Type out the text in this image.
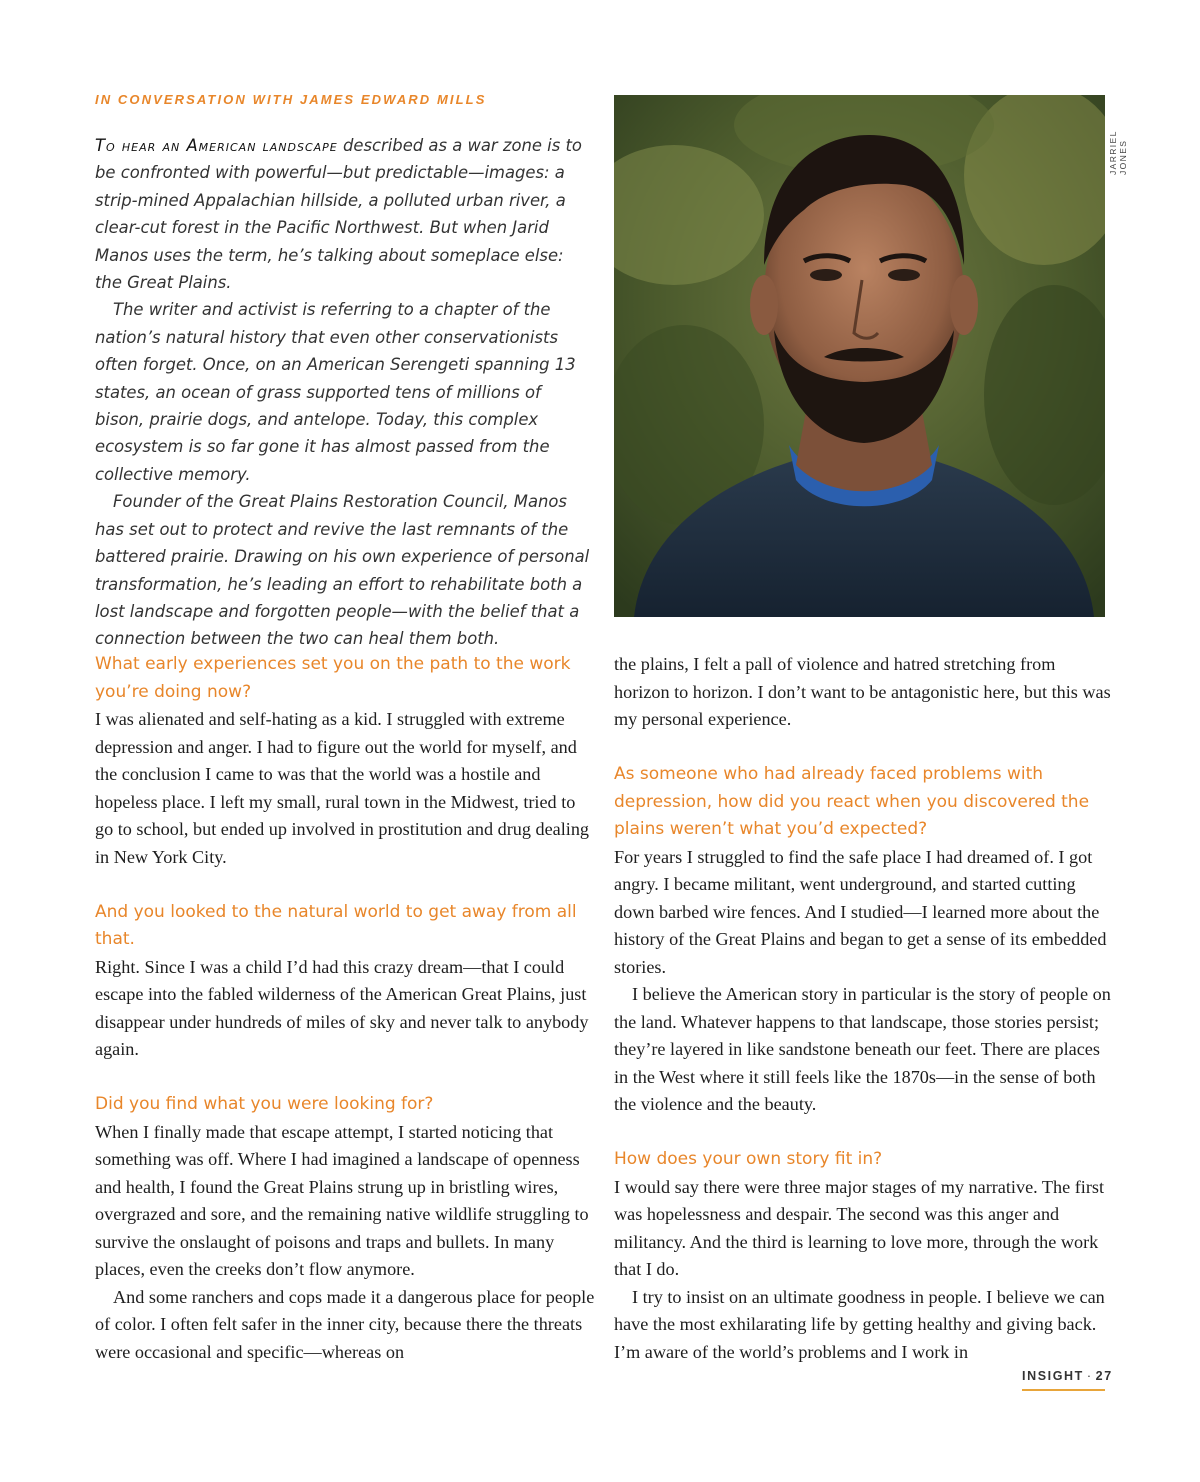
IN CONVERSATION WITH JAMES EDWARD MILLS

To hear an American landscape described as a war zone is to be confronted with powerful—but predictable—images: a strip-mined Appalachian hillside, a polluted urban river, a clear-cut forest in the Pacific Northwest. But when Jarid Manos uses the term, he’s talking about someplace else: the Great Plains.

The writer and activist is referring to a chapter of the nation’s natural history that even other conservationists often forget. Once, on an American Serengeti spanning 13 states, an ocean of grass supported tens of millions of bison, prairie dogs, and antelope. Today, this complex ecosystem is so far gone it has almost passed from the collective memory.

Founder of the Great Plains Restoration Council, Manos has set out to protect and revive the last remnants of the battered prairie. Drawing on his own experience of personal transformation, he’s leading an effort to rehabilitate both a lost landscape and forgotten people—with the belief that a connection between the two can heal them both.

JARRIEL JONES

What early experiences set you on the path to the work you’re doing now?

I was alienated and self-hating as a kid. I struggled with extreme depression and anger. I had to figure out the world for myself, and the conclusion I came to was that the world was a hostile and hopeless place. I left my small, rural town in the Midwest, tried to go to school, but ended up involved in prostitution and drug dealing in New York City.

And you looked to the natural world to get away from all that.

Right. Since I was a child I’d had this crazy dream—that I could escape into the fabled wilderness of the American Great Plains, just disappear under hundreds of miles of sky and never talk to anybody again.

Did you find what you were looking for?

When I finally made that escape attempt, I started noticing that something was off. Where I had imagined a landscape of openness and health, I found the Great Plains strung up in bristling wires, overgrazed and sore, and the remaining native wildlife struggling to survive the onslaught of poisons and traps and bullets. In many places, even the creeks don’t flow anymore.

And some ranchers and cops made it a dangerous place for people of color. I often felt safer in the inner city, because there the threats were occasional and specific—whereas on

the plains, I felt a pall of violence and hatred stretching from horizon to horizon. I don’t want to be antagonistic here, but this was my personal experience.

As someone who had already faced problems with depression, how did you react when you discovered the plains weren’t what you’d expected?

For years I struggled to find the safe place I had dreamed of. I got angry. I became militant, went underground, and started cutting down barbed wire fences. And I studied—I learned more about the history of the Great Plains and began to get a sense of its embedded stories.

I believe the American story in particular is the story of people on the land. Whatever happens to that landscape, those stories persist; they’re layered in like sandstone beneath our feet. There are places in the West where it still feels like the 1870s—in the sense of both the violence and the beauty.

How does your own story fit in?

I would say there were three major stages of my narrative. The first was hopelessness and despair. The second was this anger and militancy. And the third is learning to love more, through the work that I do.

I try to insist on an ultimate goodness in people. I believe we can have the most exhilarating life by getting healthy and giving back. I’m aware of the world’s problems and I work in

INSIGHT · 27
